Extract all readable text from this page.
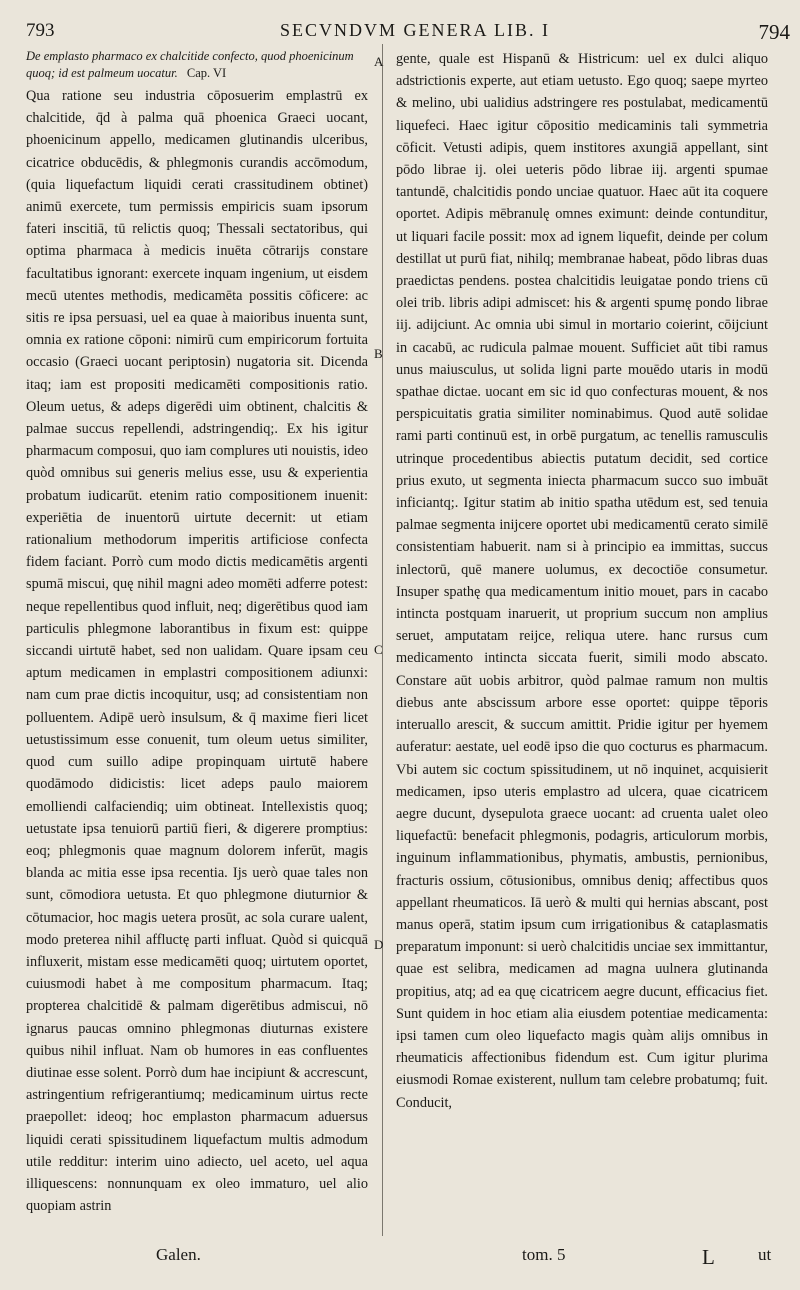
793	SECVNDVM GENERA LIB. I	794
De emplasto pharmaco ex chalcitide confecto, quod phoenicinum quoq; id est palmeum uocatur. Cap. VI

Qua ratione seu industria cōposuerim emplastrū ex chalcitide, q̄d à palma quā phoenica Graeci uocant, phoenicinum appello, medicamen glutinandis ulceribus, cicatrice obducēdis, & phlegmonis curandis accōmodum, (quia liquefactum liquidi cerati crassitudinem obtinet) animū exercete, tum permissis empiricis suam ipsorum fateri inscitiā, tū relictis quoq; Thessali sectatoribus, qui optima pharmaca à medicis inuēta cōtrarijs constare facultatibus ignorant: exercete inquam ingenium, ut eisdem mecū utentes methodis, medicamēta possitis cōficere: ac sitis re ipsa persuasi, uel ea quae à maioribus inuenta sunt, omnia ex ratione cōponi: nimirū cum empiricorum fortuita occasio (Graeci uocant periptosin) nugatoria sit. Dicenda itaq; iam est propositi medicamēti compositionis ratio. Oleum uetus, & adeps digerēdi uim obtinent, chalcitis & palmae succus repellendi, adstringendiq;. Ex his igitur pharmacum composui, quo iam complures uti nouistis, ideo quòd omnibus sui generis melius esse, usu & experientia probatum iudicarūt. etenim ratio compositionem inuenit: experiētia de inuentorū uirtute decernit: ut etiam rationalium methodorum imperitis artificiose confecta fidem faciant. Porrò cum modo dictis medicamētis argenti spumā miscui, quę nihil magni adeo momēti adferre potest: neque repellentibus quod influit, neq; digerētibus quod iam particulis phlegmone laborantibus in fixum est: quippe siccandi uirtutē habet, sed non ualidam. Quare ipsam ceu aptum medicamen in emplastri compositionem adiunxi: nam cum prae dictis incoquitur, usq; ad consistentiam non polluentem. Adipē uerò insulsum, & q̄ maxime fieri licet uetustissimum esse conuenit, tum oleum uetus similiter, quod cum suillo adipe propinquam uirtutē habere quodāmodo didicistis: licet adeps paulo maiorem emolliendi calfaciendiq; uim obtineat. Intellexistis quoq; uetustate ipsa tenuiorū partiū fieri, & digerere promptius: eoq; phlegmonis quae magnum dolorem inferūt, magis blanda ac mitia esse ipsa recentia. Ijs uerò quae tales non sunt, cōmodiora uetusta. Et quo phlegmone diuturnior & cōtumacior, hoc magis uetera prosūt, ac sola curare ualent, modo preterea nihil affluctę parti influat. Quòd si quicquā influxerit, mistam esse medicamēti quoq; uirtutem oportet, cuiusmodi habet à me compositum pharmacum. Itaq; propterea chalcitidē & palmam digerētibus admiscui, nō ignarus paucas omnino phlegmonas diuturnas existere quibus nihil influat. Nam ob humores in eas confluentes diutinae esse solent. Porrò dum hae incipiunt & accrescunt, astringentium refrigerantiumq; medicaminum uirtus recte praepollet: ideoq; hoc emplaston pharmacum aduersus liquidi cerati spissitudinem liquefactum multis admodum utile redditur: interim uino adiecto, uel aceto, uel aqua illiquescens: nonnunquam ex oleo immaturo, uel alio quopiam astrin

A
B
C
D

gente, quale est Hispanū & Histricum: uel ex dulci aliquo adstrictionis experte, aut etiam uetusto. Ego quoq; saepe myrteo & melino, ubi ualidius adstringere res postulabat, medicamentū liquefeci. Haec igitur cōpositio medicaminis tali symmetria cōficit. Vetusti adipis, quem institores axungiā appellant, sint pōdo librae ij. olei ueteris pōdo librae iij. argenti spumae tantundē, chalcitidis pondo unciae quatuor. Haec aūt ita coquere oportet. Adipis mēbranulę omnes eximunt: deinde contunditur, ut liquari facile possit: mox ad ignem liquefit, deinde per colum destillat ut purū fiat, nihilq; membranae habeat, pōdo libras duas praedictas pendens. postea chalcitidis leuigatae pondo triens cū olei trib. libris adipi admiscet: his & argenti spumę pondo librae iij. adijciunt. Ac omnia ubi simul in mortario coierint, cōijciunt in cacabū, ac rudicula palmae mouent. Sufficiet aūt tibi ramus unus maiusculus, ut solida ligni parte mouēdo utaris in modū spathae dictae. uocant em sic id quo confecturas mouent, & nos perspicuitatis gratia similiter nominabimus. Quod autē solidae rami parti continuū est, in orbē purgatum, ac tenellis ramusculis utrinque procedentibus abiectis putatum decidit, sed cortice prius exuto, ut segmenta iniecta pharmacum succo suo imbuāt inficiantq;. Igitur statim ab initio spatha utēdum est, sed tenuia palmae segmenta inijcere oportet ubi medicamentū cerato similē consistentiam habuerit. nam si à principio ea immittas, succus inlectorū, quē manere uolumus, ex decoctiōe consumetur. Insuper spathę qua medicamentum initio mouet, pars in cacabo intincta postquam inaruerit, ut proprium succum non amplius seruet, amputatam reijce, reliqua utere. hanc rursus cum medicamento intincta siccata fuerit, simili modo abscato. Constare aūt uobis arbitror, quòd palmae ramum non multis diebus ante abscissum arbore esse oportet: quippe tēporis interuallo arescit, & succum amittit. Pridie igitur per hyemem auferatur: aestate, uel eodē ipso die quo cocturus es pharmacum. Vbi autem sic coctum spissitudinem, ut nō inquinet, acquisierit medicamen, ipso uteris emplastro ad ulcera, quae cicatricem aegre ducunt, dysepulota graece uocant: ad cruenta ualet oleo liquefactū: benefacit phlegmonis, podagris, articulorum morbis, inguinum inflammationibus, phymatis, ambustis, pernionibus, fracturis ossium, cōtusionibus, omnibus deniq; affectibus quos appellant rheumaticos. Iā uerò & multi qui hernias abscant, post manus operā, statim ipsum cum irrigationibus & cataplasmatis preparatum imponunt: si uerò chalcitidis unciae sex immittantur, quae est selibra, medicamen ad magna uulnera glutinanda propitius, atq; ad ea quę cicatricem aegre ducunt, efficacius fiet. Sunt quidem in hoc etiam alia eiusdem potentiae medicamenta: ipsi tamen cum oleo liquefacto magis quàm alijs omnibus in rheumaticis affectionibus fidendum est. Cum igitur plurima eiusmodi Romae existerent, nullum tam celebre probatumq; fuit. Conducit,

Galen.	tom. 5	L	ut
